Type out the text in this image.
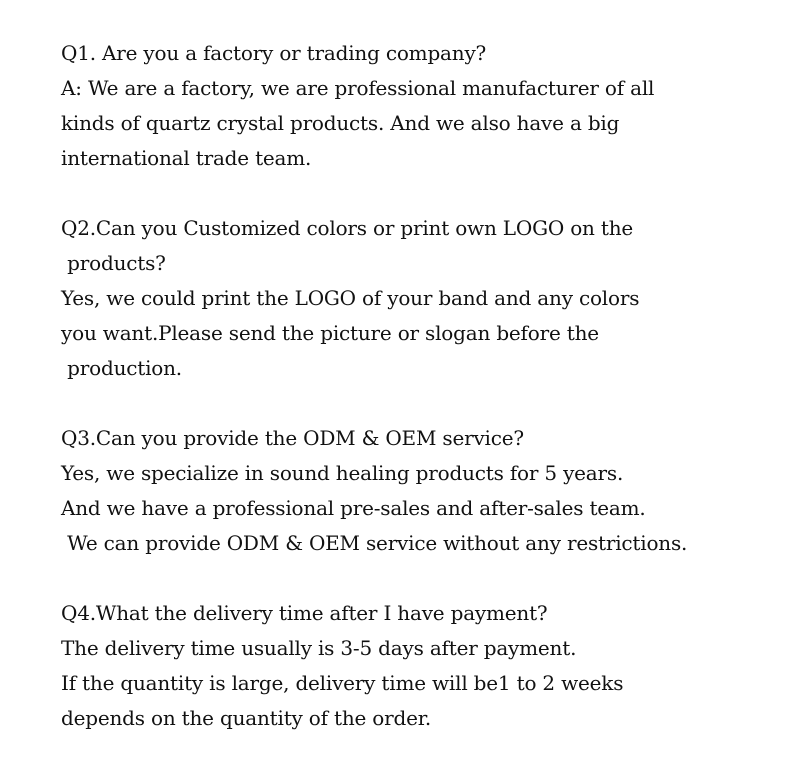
Q1. Are you a factory or trading company?
A: We are a factory, we are professional manufacturer of all
kinds of quartz crystal products. And we also have a big
international trade team.
Q2.Can you Customized colors or print own LOGO on the
products?
Yes, we could print the LOGO of your band and any colors
you want.Please send the picture or slogan before the
production.
Q3.Can you provide the ODM & OEM service?
Yes, we specialize in sound healing products for 5 years.
And we have a professional pre-sales and after-sales team.
We can provide ODM & OEM service without any restrictions.
Q4.What the delivery time after I have payment?
The delivery time usually is 3-5 days after payment.
If the quantity is large, delivery time will be1 to 2 weeks
depends on the quantity of the order.
